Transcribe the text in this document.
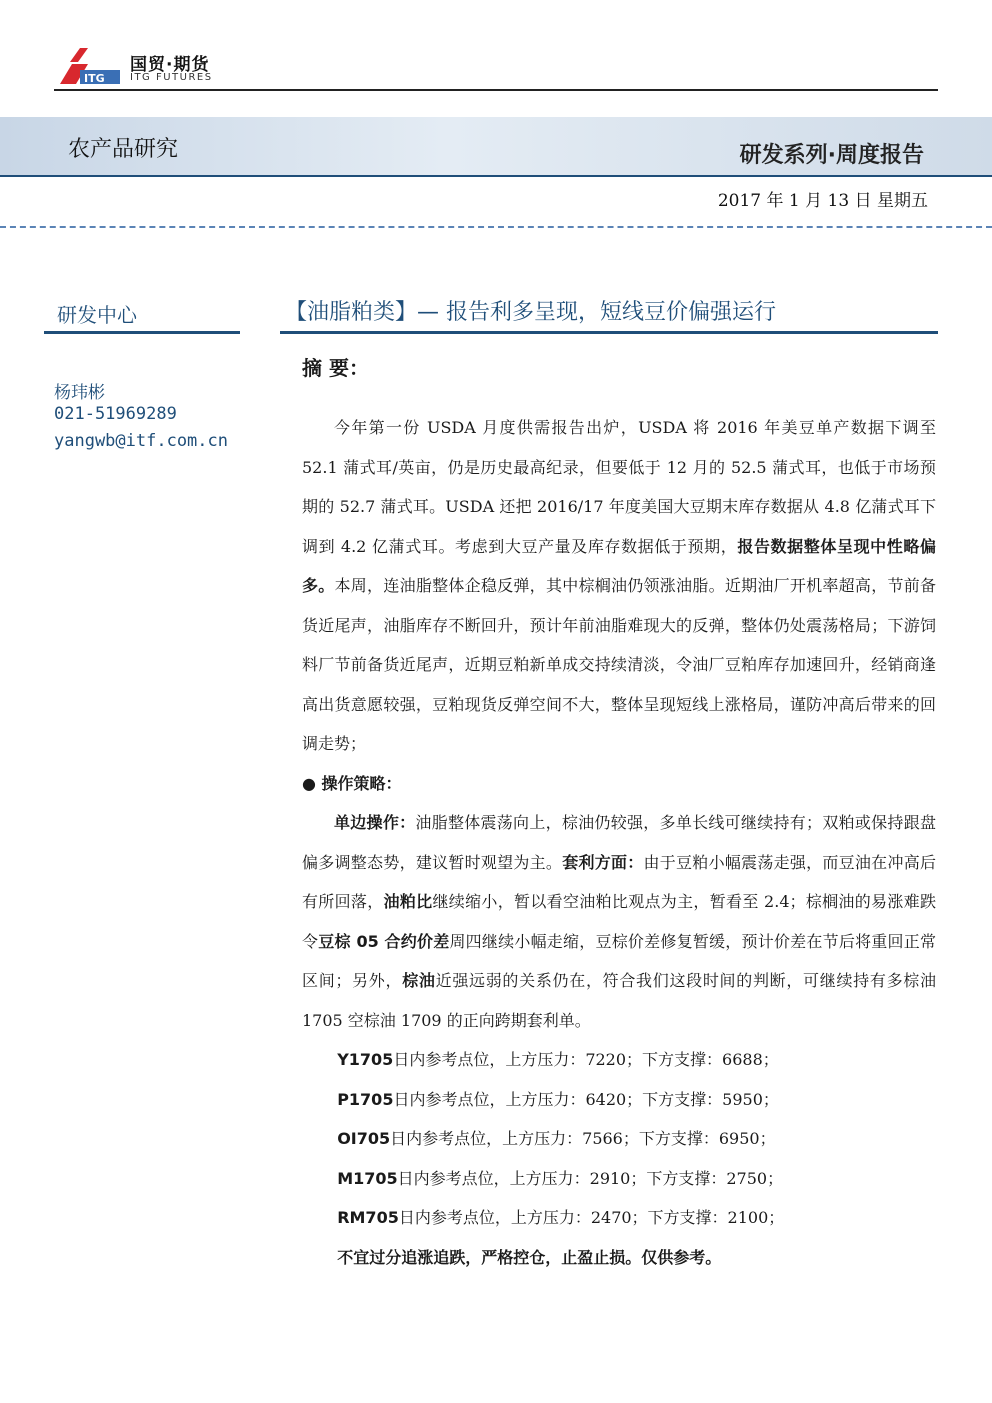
ITG
国贸·期货
ITG FUTURES
农产品研究	研发系列·周度报告
2017 年 1 月 13 日 星期五
研发中心
杨玮彬
021-51969289
yangwb@itf.com.cn
【油脂粕类】— 报告利多呈现，短线豆价偏强运行
摘 要：

今年第一份 USDA 月度供需报告出炉，USDA 将 2016 年美豆单产数据下调至 52.1 蒲式耳/英亩，仍是历史最高纪录，但要低于 12 月的 52.5 蒲式耳，也低于市场预期的 52.7 蒲式耳。USDA 还把 2016/17 年度美国大豆期末库存数据从 4.8 亿蒲式耳下调到 4.2 亿蒲式耳。考虑到大豆产量及库存数据低于预期，报告数据整体呈现中性略偏多。本周，连油脂整体企稳反弹，其中棕榈油仍领涨油脂。近期油厂开机率超高，节前备货近尾声，油脂库存不断回升，预计年前油脂难现大的反弹，整体仍处震荡格局；下游饲料厂节前备货近尾声，近期豆粕新单成交持续清淡，令油厂豆粕库存加速回升，经销商逢高出货意愿较强，豆粕现货反弹空间不大，整体呈现短线上涨格局，谨防冲高后带来的回调走势；

● 操作策略：

单边操作：油脂整体震荡向上，棕油仍较强，多单长线可继续持有；双粕或保持跟盘偏多调整态势，建议暂时观望为主。套利方面：由于豆粕小幅震荡走强，而豆油在冲高后有所回落，油粕比继续缩小，暂以看空油粕比观点为主，暂看至 2.4；棕榈油的易涨难跌令豆棕 05 合约价差周四继续小幅走缩，豆棕价差修复暂缓，预计价差在节后将重回正常区间；另外，棕油近强远弱的关系仍在，符合我们这段时间的判断，可继续持有多棕油 1705 空棕油 1709 的正向跨期套利单。

Y1705日内参考点位，上方压力：7220；下方支撑：6688；

P1705日内参考点位，上方压力：6420；下方支撑：5950；

OI705日内参考点位，上方压力：7566；下方支撑：6950；

M1705日内参考点位，上方压力：2910；下方支撑：2750；

RM705日内参考点位，上方压力：2470；下方支撑：2100；

不宜过分追涨追跌，严格控仓，止盈止损。仅供参考。
